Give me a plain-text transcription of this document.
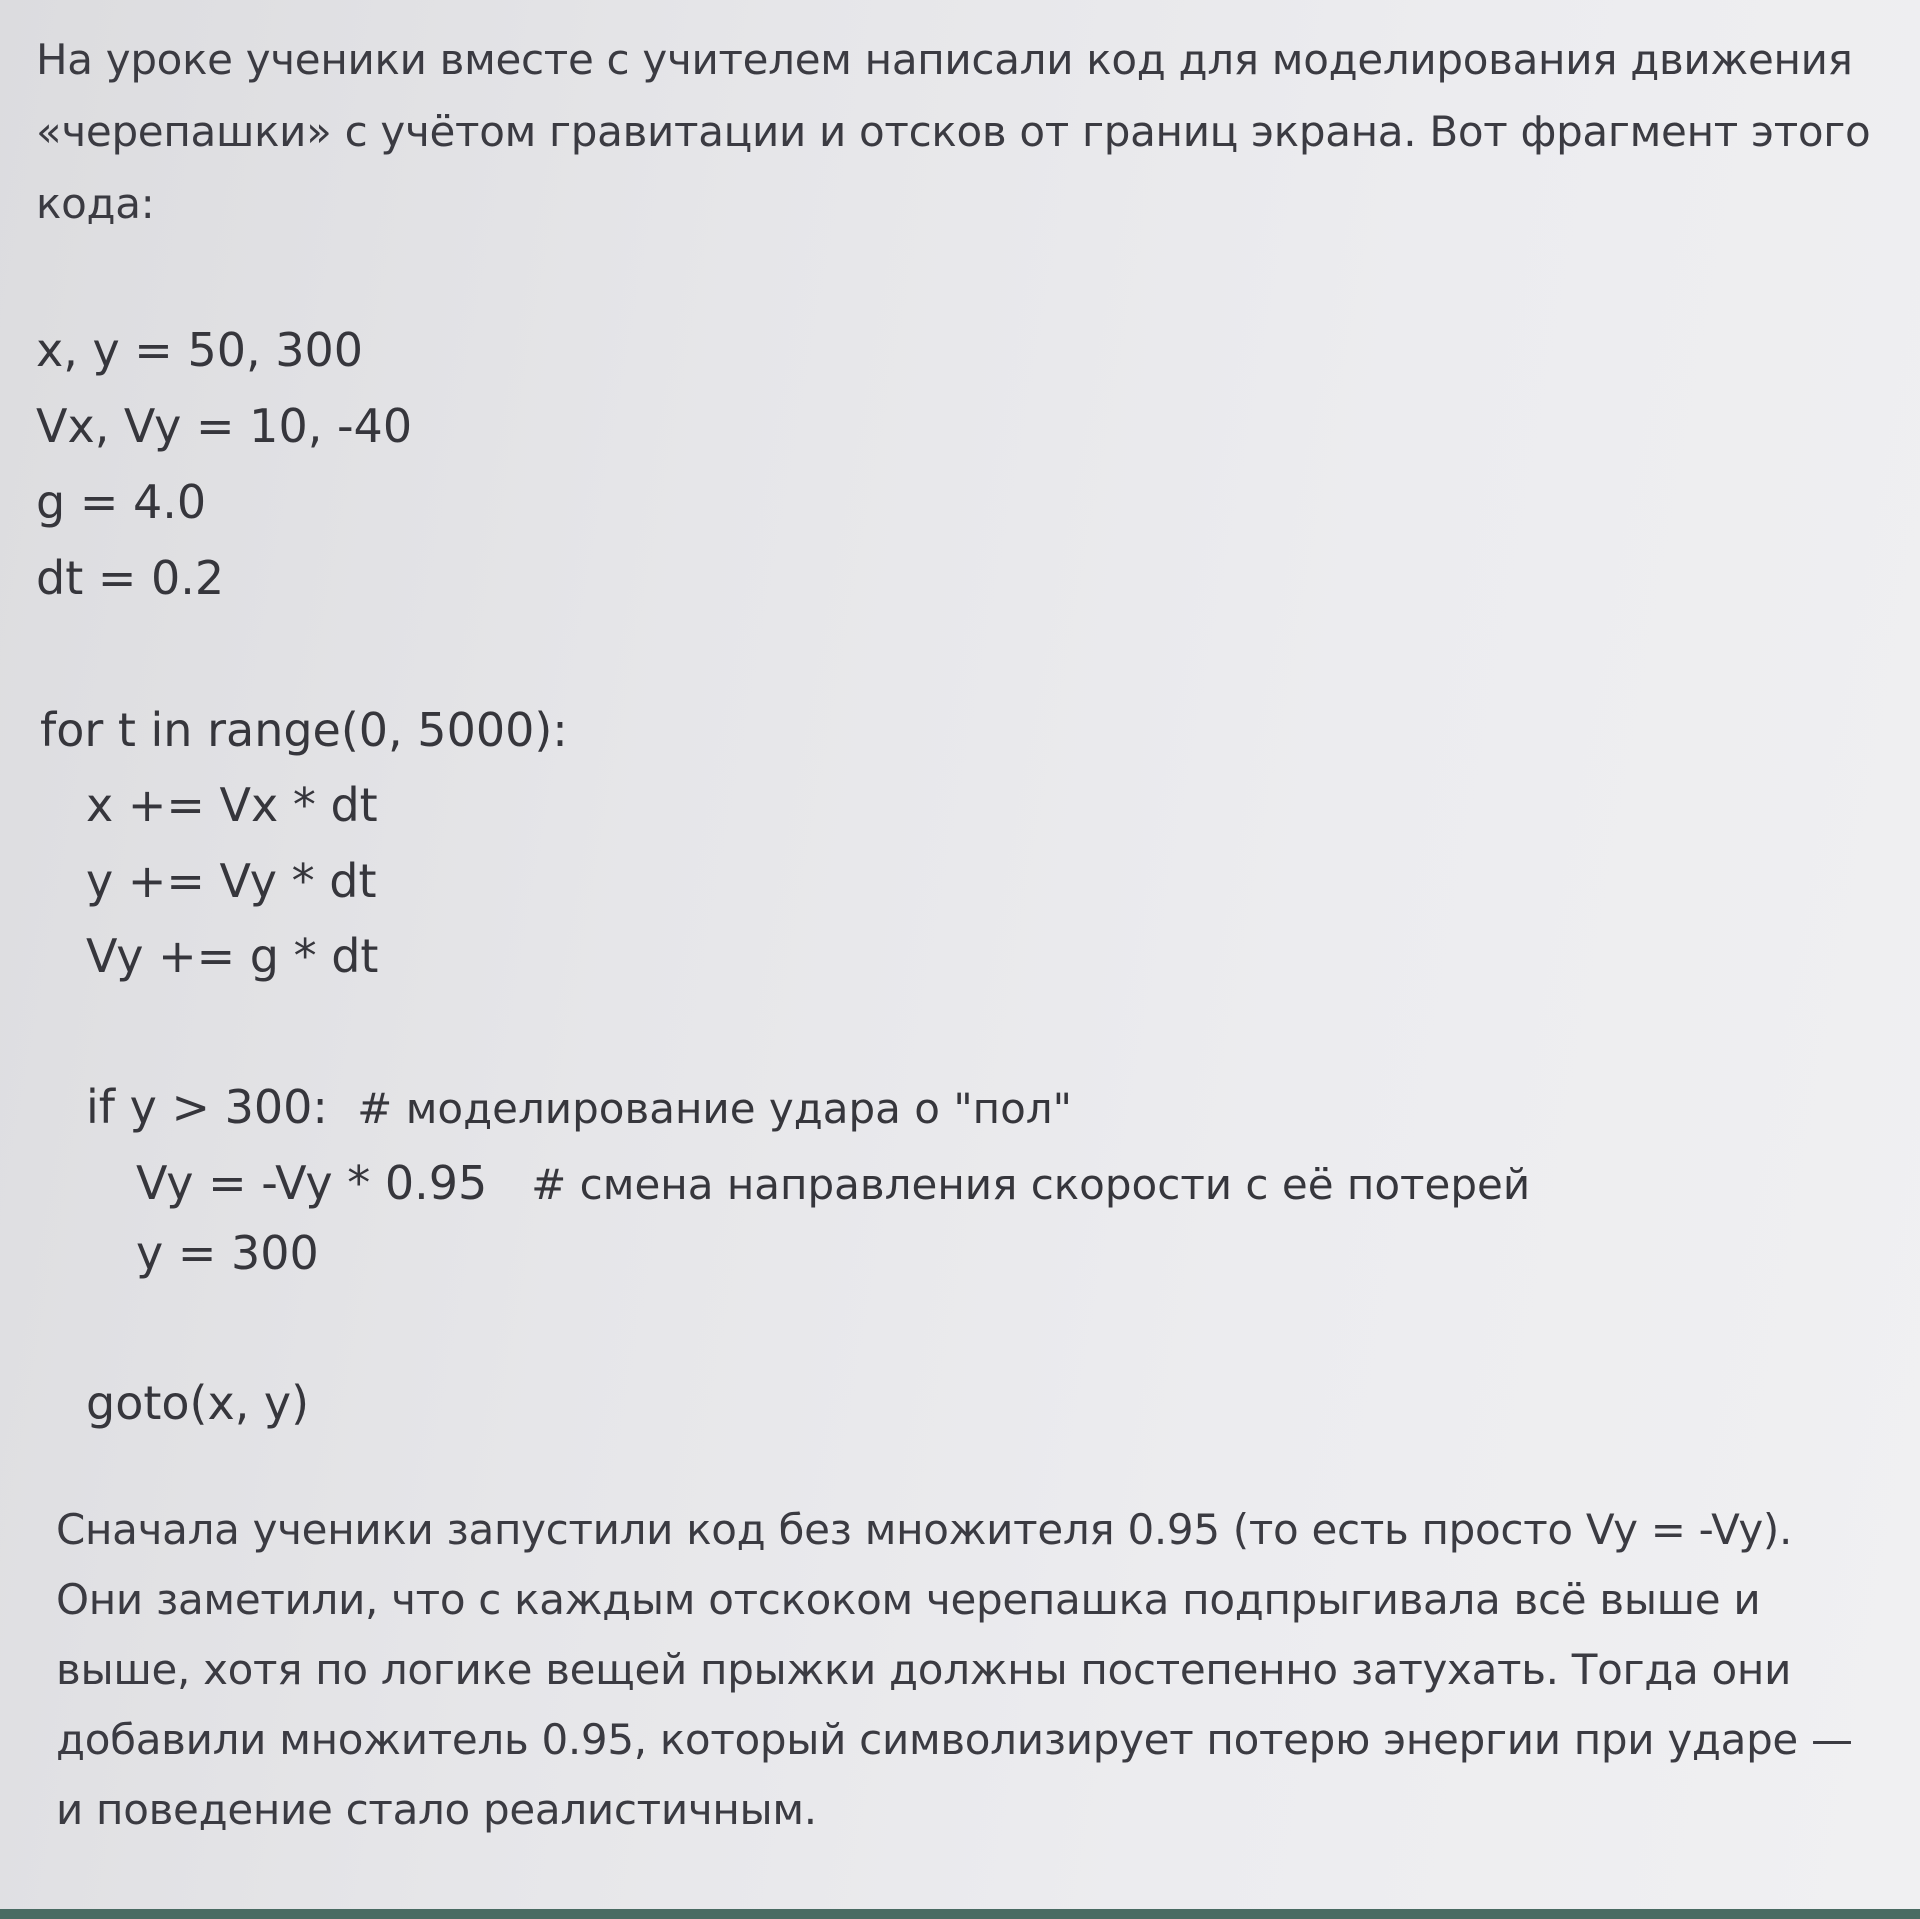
На уроке ученики вместе с учителем написали код для моделирования движения «черепашки» с учётом гравитации и отсков от границ экрана. Вот фрагмент этого кода:

x, y = 50, 300
Vx, Vy = 10, -40
g = 4.0
dt = 0.2
for t in range(0, 5000):
x += Vx * dt
y += Vy * dt
Vy += g * dt
if y > 300:  # моделирование удара о "пол"
Vy = -Vy * 0.95   # смена направления скорости с её потерей
y = 300
goto(x, y)

Сначала ученики запустили код без множителя 0.95 (то есть просто Vy = -Vy). Они заметили, что с каждым отскоком черепашка подпрыгивала всё выше и выше, хотя по логике вещей прыжки должны постепенно затухать. Тогда они добавили множитель 0.95, который символизирует потерю энергии при ударе — и поведение стало реалистичным.
